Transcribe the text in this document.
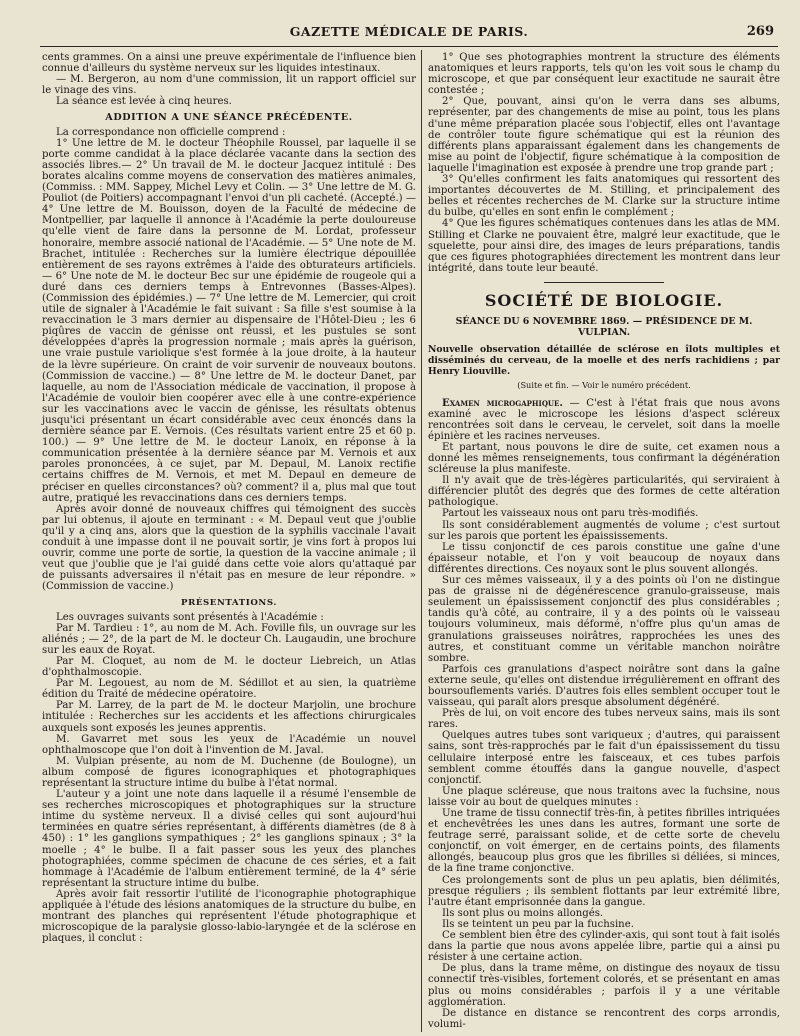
GAZETTE MÉDICALE DE PARIS.	269

cents grammes. On a ainsi une preuve expérimentale de l'influence bien connue d'ailleurs du système nerveux sur les liquides intestinaux.

— M. Bergeron, au nom d'une commission, lit un rapport officiel sur le vinage des vins.

La séance est levée à cinq heures.

ADDITION A UNE SÉANCE PRÉCÉDENTE.

La correspondance non officielle comprend :

1° Une lettre de M. le docteur Théophile Roussel, par laquelle il se porte comme candidat à la place déclarée vacante dans la section des associés libres.— 2° Un travail de M. le docteur Jacquez intitulé : Des borates alcalins comme moyens de conservation des matières animales, (Commiss. : MM. Sappey, Michel Levy et Colin. — 3° Une lettre de M. G. Pouliot (de Poitiers) accompagnant l'envoi d'un pli cacheté. (Accepté.) — 4° Une lettre de M. Bouisson, doyen de la Faculté de médecine de Montpellier, par laquelle il annonce à l'Académie la perte douloureuse qu'elle vient de faire dans la personne de M. Lordat, professeur honoraire, membre associé national de l'Académie. — 5° Une note de M. Brachet, intitulée : Recherches sur la lumière électrique dépouillée entièrement de ses rayons extrêmes à l'aide des obturateurs artificiels. — 6° Une note de M. le docteur Bec sur une épidémie de rougeole qui a duré dans ces derniers temps à Entrevonnes (Basses-Alpes). (Commission des épidémies.) — 7° Une lettre de M. Lemercier, qui croit utile de signaler à l'Académie le fait suivant : Sa fille s'est soumise à la revaccination le 3 mars dernier au dispensaire de l'Hôtel-Dieu ; les 6 piqûres de vaccin de génisse ont réussi, et les pustules se sont développées d'après la progression normale ; mais après la guérison, une vraie pustule variolique s'est formée à la joue droite, à la hauteur de la lèvre supérieure. On craint de voir survenir de nouveaux boutons. (Commission de vaccine.) — 8° Une lettre de M. le docteur Danet, par laquelle, au nom de l'Association médicale de vaccination, il propose à l'Académie de vouloir bien coopérer avec elle à une contre-expérience sur les vaccinations avec le vaccin de génisse, les résultats obtenus jusqu'ici présentant un écart considérable avec ceux énoncés dans la dernière séance par E. Vernois. (Ces résultats varient entre 25 et 60 p. 100.) — 9° Une lettre de M. le docteur Lanoix, en réponse à la communication présentée à la dernière séance par M. Vernois et aux paroles prononcées, à ce sujet, par M. Depaul, M. Lanoix rectifie certains chiffres de M. Vernois, et met M. Depaul en demeure de préciser en quelles circonstances? où? comment? il a, plus mal que tout autre, pratiqué les revaccinations dans ces derniers temps.

Après avoir donné de nouveaux chiffres qui témoignent des succès par lui obtenus, il ajoute en terminant : « M. Depaul veut que j'oublie qu'il y a cinq ans, alors que la question de la syphilis vaccinale l'avait conduit à une impasse dont il ne pouvait sortir, je vins fort à propos lui ouvrir, comme une porte de sortie, la question de la vaccine animale ; il veut que j'oublie que je l'ai guidé dans cette voie alors qu'attaqué par de puissants adversaires il n'était pas en mesure de leur répondre. » (Commission de vaccine.)

PRÉSENTATIONS.

Les ouvrages suivants sont présentés à l'Académie :

Par M. Tardieu : 1°, au nom de M. Ach. Foville fils, un ouvrage sur les aliénés ; — 2°, de la part de M. le docteur Ch. Laugaudin, une brochure sur les eaux de Royat.

Par M. Cloquet, au nom de M. le docteur Liebreich, un Atlas d'ophthalmoscopie.

Par M. Legouest, au nom de M. Sédillot et au sien, la quatrième édition du Traité de médecine opératoire.

Par M. Larrey, de la part de M. le docteur Marjolin, une brochure intitulée : Recherches sur les accidents et les affections chirurgicales auxquels sont exposés les jeunes apprentis.

M. Gavarret met sous les yeux de l'Académie un nouvel ophthalmoscope que l'on doit à l'invention de M. Javal.

M. Vulpian présente, au nom de M. Duchenne (de Boulogne), un album composé de figures iconographiques et photographiques représentant la structure intime du bulbe à l'état normal.

L'auteur y a joint une note dans laquelle il a résumé l'ensemble de ses recherches microscopiques et photographiques sur la structure intime du système nerveux. Il a divisé celles qui sont aujourd'hui terminées en quatre séries représentant, à différents diamètres (de 8 à 450) : 1° les ganglions sympathiques ; 2° les ganglions spinaux ; 3° la moelle ; 4° le bulbe. Il a fait passer sous les yeux des planches photographiées, comme spécimen de chacune de ces séries, et a fait hommage à l'Académie de l'album entièrement terminé, de la 4° série représentant la structure intime du bulbe.

Après avoir fait ressortir l'utilité de l'iconographie photographique appliquée à l'étude des lésions anatomiques de la structure du bulbe, en montrant des planches qui représentent l'étude photographique et microscopique de la paralysie glosso-labio-laryngée et de la sclérose en plaques, il conclut :

1° Que ses photographies montrent la structure des éléments anatomiques et leurs rapports, tels qu'on les voit sous le champ du microscope, et que par conséquent leur exactitude ne saurait être contestée ;

2° Que, pouvant, ainsi qu'on le verra dans ses albums, représenter, par des changements de mise au point, tous les plans d'une même préparation placée sous l'objectif, elles ont l'avantage de contrôler toute figure schématique qui est la réunion des différents plans apparaissant également dans les changements de mise au point de l'objectif, figure schématique à la composition de laquelle l'imagination est exposée à prendre une trop grande part ;

3° Qu'elles confirment les faits anatomiques qui ressortent des importantes découvertes de M. Stilling, et principalement des belles et récentes recherches de M. Clarke sur la structure intime du bulbe, qu'elles en sont enfin le complément ;

4° Que les figures schématiques contenues dans les atlas de MM. Stilling et Clarke ne pouvaient être, malgré leur exactitude, que le squelette, pour ainsi dire, des images de leurs préparations, tandis que ces figures photographiées directement les montrent dans leur intégrité, dans toute leur beauté.

SOCIÉTÉ DE BIOLOGIE.
SÉANCE DU 6 NOVEMBRE 1869. — PRÉSIDENCE DE M. VULPIAN.

Nouvelle observation détaillée de sclérose en îlots multiples et disséminés du cerveau, de la moelle et des nerfs rachidiens ; par Henry Liouville.

(Suite et fin. — Voir le numéro précédent.

Examen microgaphique. — C'est à l'état frais que nous avons examiné avec le microscope les lésions d'aspect scléreux rencontrées soit dans le cerveau, le cervelet, soit dans la moelle épinière et les racines nerveuses.

Et partant, nous pouvons le dire de suite, cet examen nous a donné les mêmes renseignements, tous confirmant la dégénération scléreuse la plus manifeste.

Il n'y avait que de très-légères particularités, qui serviraient à différencier plutôt des degrés que des formes de cette altération pathologique.

Partout les vaisseaux nous ont paru très-modifiés.

Ils sont considérablement augmentés de volume ; c'est surtout sur les parois que portent les épaississements.

Le tissu conjonctif de ces parois constitue une gaîne d'une épaisseur notable, et l'on y voit beaucoup de noyaux dans différentes directions. Ces noyaux sont le plus souvent allongés.

Sur ces mêmes vaisseaux, il y a des points où l'on ne distingue pas de graisse ni de dégénérescence granulo-graisseuse, mais seulement un épaississement conjonctif des plus considérables ; tandis qu'à côté, au contraire, il y a des points où le vaisseau toujours volumineux, mais déformé, n'offre plus qu'un amas de granulations graisseuses noirâtres, rapprochées les unes des autres, et constituant comme un véritable manchon noirâtre sombre.

Parfois ces granulations d'aspect noirâtre sont dans la gaîne externe seule, qu'elles ont distendue irrégulièrement en offrant des boursouflements variés. D'autres fois elles semblent occuper tout le vaisseau, qui paraît alors presque absolument dégénéré.

Près de lui, on voit encore des tubes nerveux sains, mais ils sont rares.

Quelques autres tubes sont variqueux ; d'autres, qui paraissent sains, sont très-rapprochés par le fait d'un épaississement du tissu cellulaire interposé entre les faisceaux, et ces tubes parfois semblent comme étouffés dans la gangue nouvelle, d'aspect conjonctif.

Une plaque scléreuse, que nous traitons avec la fuchsine, nous laisse voir au bout de quelques minutes :

Une trame de tissu connectif très-fin, à petites fibrilles intriquées et enchevêtrées les unes dans les autres, formant une sorte de feutrage serré, paraissant solide, et de cette sorte de chevelu conjonctif, on voit émerger, en de certains points, des filaments allongés, beaucoup plus gros que les fibrilles si déliées, si minces, de la fine trame conjonctive.

Ces prolongements sont de plus un peu aplatis, bien délimités, presque réguliers ; ils semblent flottants par leur extrémité libre, l'autre étant emprisonnée dans la gangue.

Ils sont plus ou moins allongés.

Ils se teintent un peu par la fuchsine.

Ce semblent bien être des cylinder-axis, qui sont tout à fait isolés dans la partie que nous avons appelée libre, partie qui a ainsi pu résister à une certaine action.

De plus, dans la trame même, on distingue des noyaux de tissu connectif très-visibles, fortement colorés, et se présentant en amas plus ou moins considérables ; parfois il y a une véritable agglomération.

De distance en distance se rencontrent des corps arrondis, volumi-
